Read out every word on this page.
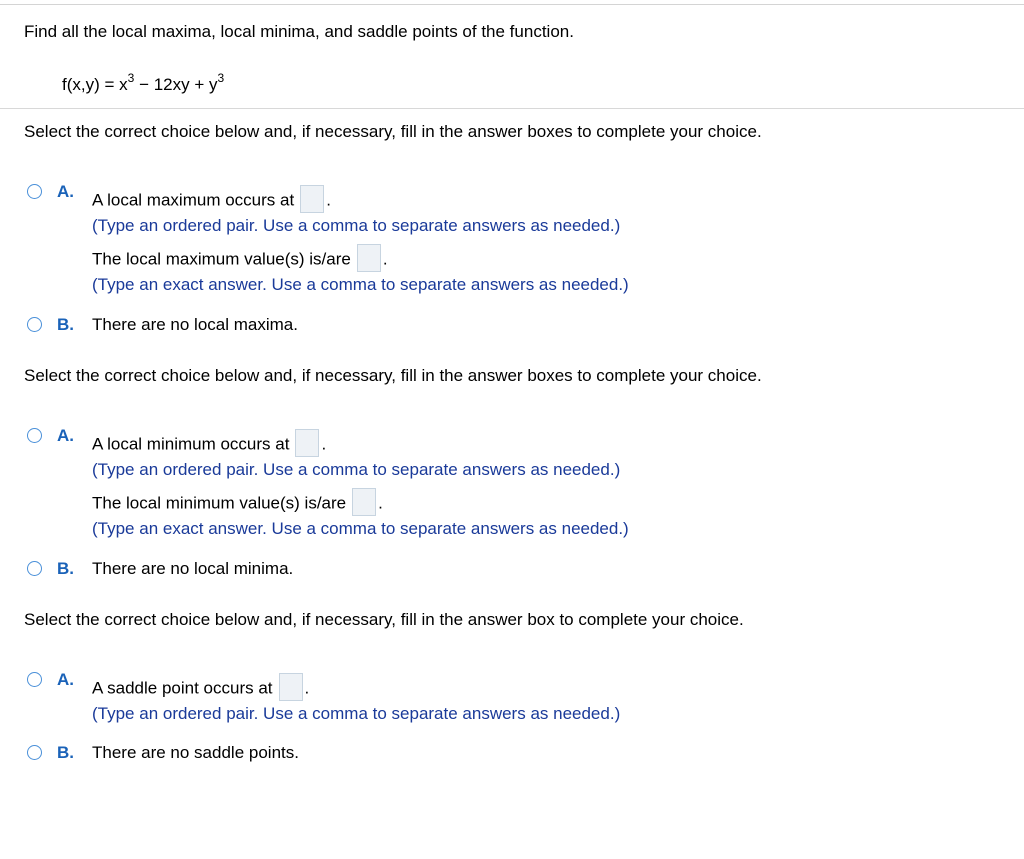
Find all the local maxima, local minima, and saddle points of the function.
$f(x,y) = x^3 - 12xy + y^3$
Select the correct choice below and, if necessary, fill in the answer boxes to complete your choice.
A. A local maximum occurs at .
(Type an ordered pair. Use a comma to separate answers as needed.)
The local maximum value(s) is/are .
(Type an exact answer. Use a comma to separate answers as needed.)
B. There are no local maxima.
Select the correct choice below and, if necessary, fill in the answer boxes to complete your choice.
A. A local minimum occurs at .
(Type an ordered pair. Use a comma to separate answers as needed.)
The local minimum value(s) is/are .
(Type an exact answer. Use a comma to separate answers as needed.)
B. There are no local minima.
Select the correct choice below and, if necessary, fill in the answer box to complete your choice.
A. A saddle point occurs at .
(Type an ordered pair. Use a comma to separate answers as needed.)
B. There are no saddle points.
